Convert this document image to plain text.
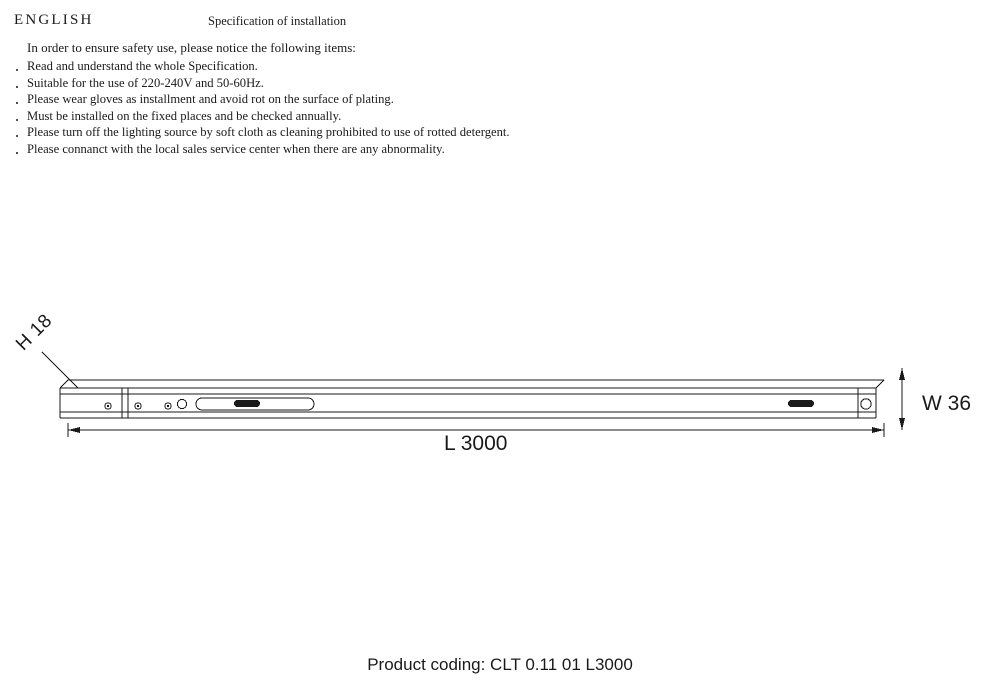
ENGLISH	Specification of installation
In order to ensure safety use, please notice the following items:
Read and understand the whole Specification.
Suitable for the use of 220-240V and 50-60Hz.
Please wear gloves as installment and avoid rot on the surface of plating.
Must be installed on the fixed places and be checked annually.
Please turn off the lighting source by soft cloth as cleaning prohibited to use of rotted detergent.
Please connanct with the local sales service center when there are any abnormality.
H 18
W 36
L 3000
Product coding: CLT 0.11 01 L3000
